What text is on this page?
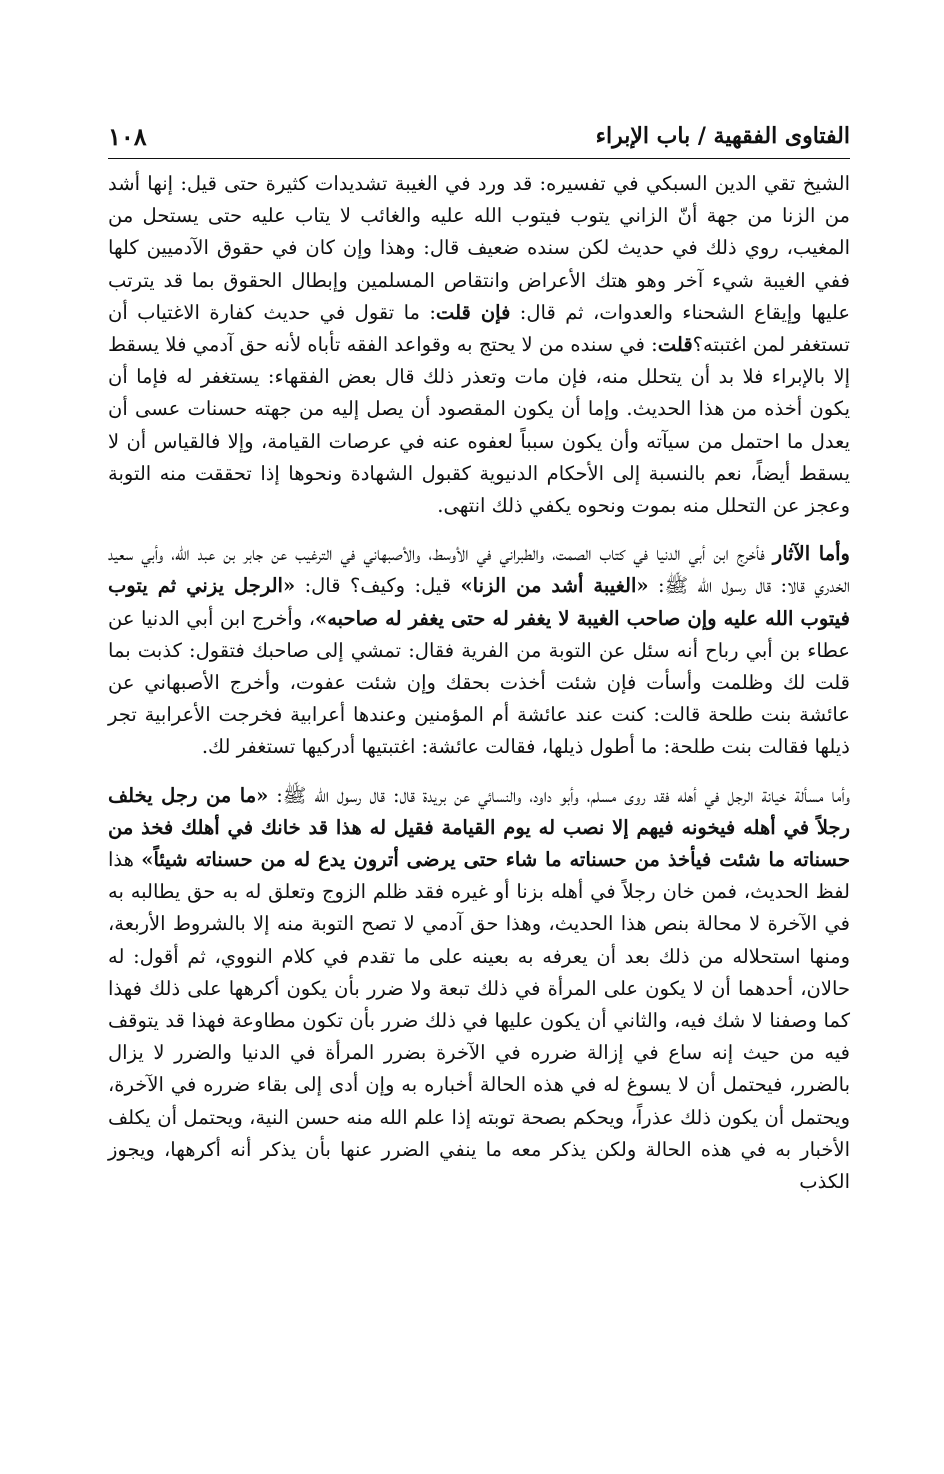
١٠٨	الفتاوى الفقهية / باب الإبراء

الشيخ تقي الدين السبكي في تفسيره: قد ورد في الغيبة تشديدات كثيرة حتى قيل: إنها أشد من الزنا من جهة أنّ الزاني يتوب فيتوب الله عليه والغائب لا يتاب عليه حتى يستحل من المغيب، روي ذلك في حديث لكن سنده ضعيف قال: وهذا وإن كان في حقوق الآدميين كلها ففي الغيبة شيء آخر وهو هتك الأعراض وانتقاص المسلمين وإبطال الحقوق بما قد يترتب عليها وإيقاع الشحناء والعدوات، ثم قال: فإن قلت: ما تقول في حديث كفارة الاغتياب أن تستغفر لمن اغتبته؟قلت: في سنده من لا يحتج به وقواعد الفقه تأباه لأنه حق آدمي فلا يسقط إلا بالإبراء فلا بد أن يتحلل منه، فإن مات وتعذر ذلك قال بعض الفقهاء: يستغفر له فإما أن يكون أخذه من هذا الحديث. وإما أن يكون المقصود أن يصل إليه من جهته حسنات عسى أن يعدل ما احتمل من سيآته وأن يكون سبباً لعفوه عنه في عرصات القيامة، وإلا فالقياس أن لا يسقط أيضاً، نعم بالنسبة إلى الأحكام الدنيوية كقبول الشهادة ونحوها إذا تحققت منه التوبة وعجز عن التحلل منه بموت ونحوه يكفي ذلك انتهى.

وأما الآثار فأخرج ابن أبي الدنيا في كتاب الصمت، والطبراني في الأوسط، والأصبهاني في الترغيب عن جابر بن عبد الله، وأبي سعيد الخدري قالا: قال رسول الله ﷺ: «الغيبة أشد من الزنا» قيل: وكيف؟ قال: «الرجل يزني ثم يتوب فيتوب الله عليه وإن صاحب الغيبة لا يغفر له حتى يغفر له صاحبه»، وأخرج ابن أبي الدنيا عن عطاء بن أبي رباح أنه سئل عن التوبة من الفرية فقال: تمشي إلى صاحبك فتقول: كذبت بما قلت لك وظلمت وأسأت فإن شئت أخذت بحقك وإن شئت عفوت، وأخرج الأصبهاني عن عائشة بنت طلحة قالت: كنت عند عائشة أم المؤمنين وعندها أعرابية فخرجت الأعرابية تجر ذيلها فقالت بنت طلحة: ما أطول ذيلها، فقالت عائشة: اغتبتيها أدركيها تستغفر لك.

وأما مسألة خيانة الرجل في أهله فقد روى مسلم، وأبو داود، والنسائي عن بريدة قال: قال رسول الله ﷺ: «ما من رجل يخلف رجلاً في أهله فيخونه فيهم إلا نصب له يوم القيامة فقيل له هذا قد خانك في أهلك فخذ من حسناته ما شئت فيأخذ من حسناته ما شاء حتى يرضى أترون يدع له من حسناته شيئاً» هذا لفظ الحديث، فمن خان رجلاً في أهله بزنا أو غيره فقد ظلم الزوج وتعلق له به حق يطالبه به في الآخرة لا محالة بنص هذا الحديث، وهذا حق آدمي لا تصح التوبة منه إلا بالشروط الأربعة، ومنها استحلاله من ذلك بعد أن يعرفه به بعينه على ما تقدم في كلام النووي، ثم أقول: له حالان، أحدهما أن لا يكون على المرأة في ذلك تبعة ولا ضرر بأن يكون أكرهها على ذلك فهذا كما وصفنا لا شك فيه، والثاني أن يكون عليها في ذلك ضرر بأن تكون مطاوعة فهذا قد يتوقف فيه من حيث إنه ساع في إزالة ضرره في الآخرة بضرر المرأة في الدنيا والضرر لا يزال بالضرر، فيحتمل أن لا يسوغ له في هذه الحالة أخباره به وإن أدى إلى بقاء ضرره في الآخرة، ويحتمل أن يكون ذلك عذراً، ويحكم بصحة توبته إذا علم الله منه حسن النية، ويحتمل أن يكلف الأخبار به في هذه الحالة ولكن يذكر معه ما ينفي الضرر عنها بأن يذكر أنه أكرهها، ويجوز الكذب
